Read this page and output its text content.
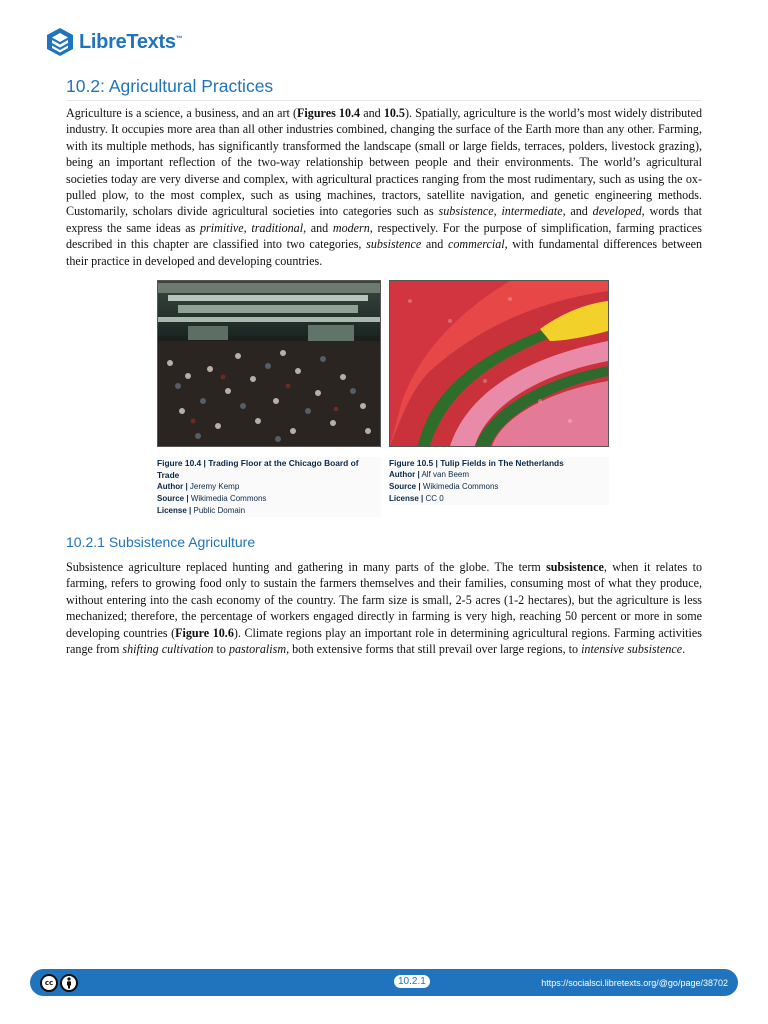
LibreTexts™
10.2: Agricultural Practices

Agriculture is a science, a business, and an art (Figures 10.4 and 10.5). Spatially, agriculture is the world’s most widely distributed industry. It occupies more area than all other industries combined, changing the surface of the Earth more than any other. Farming, with its multiple methods, has significantly transformed the landscape (small or large fields, terraces, polders, livestock grazing), being an important reflection of the two-way relationship between people and their environments. The world’s agricultural societies today are very diverse and complex, with agricultural practices ranging from the most rudimentary, such as using the ox-pulled plow, to the most complex, such as using machines, tractors, satellite navigation, and genetic engineering methods. Customarily, scholars divide agricultural societies into categories such as subsistence, intermediate, and developed, words that express the same ideas as primitive, traditional, and modern, respectively. For the purpose of simplification, farming practices described in this chapter are classified into two categories, subsistence and commercial, with fundamental differences between their practice in developed and developing countries.

Figure 10.4 | Trading Floor at the Chicago Board of Trade
Author | Jeremy Kemp
Source | Wikimedia Commons
License | Public Domain
Figure 10.5 | Tulip Fields in The Netherlands
Author | Alf van Beem
Source | Wikimedia Commons
License | CC 0
10.2.1 Subsistence Agriculture

Subsistence agriculture replaced hunting and gathering in many parts of the globe. The term subsistence, when it relates to farming, refers to growing food only to sustain the farmers themselves and their families, consuming most of what they produce, without entering into the cash economy of the country. The farm size is small, 2-5 acres (1-2 hectares), but the agriculture is less mechanized; therefore, the percentage of workers engaged directly in farming is very high, reaching 50 percent or more in some developing countries (Figure 10.6). Climate regions play an important role in determining agricultural regions. Farming activities range from shifting cultivation to pastoralism, both extensive forms that still prevail over large regions, to intensive subsistence.

cc	10.2.1	https://socialsci.libretexts.org/@go/page/38702
